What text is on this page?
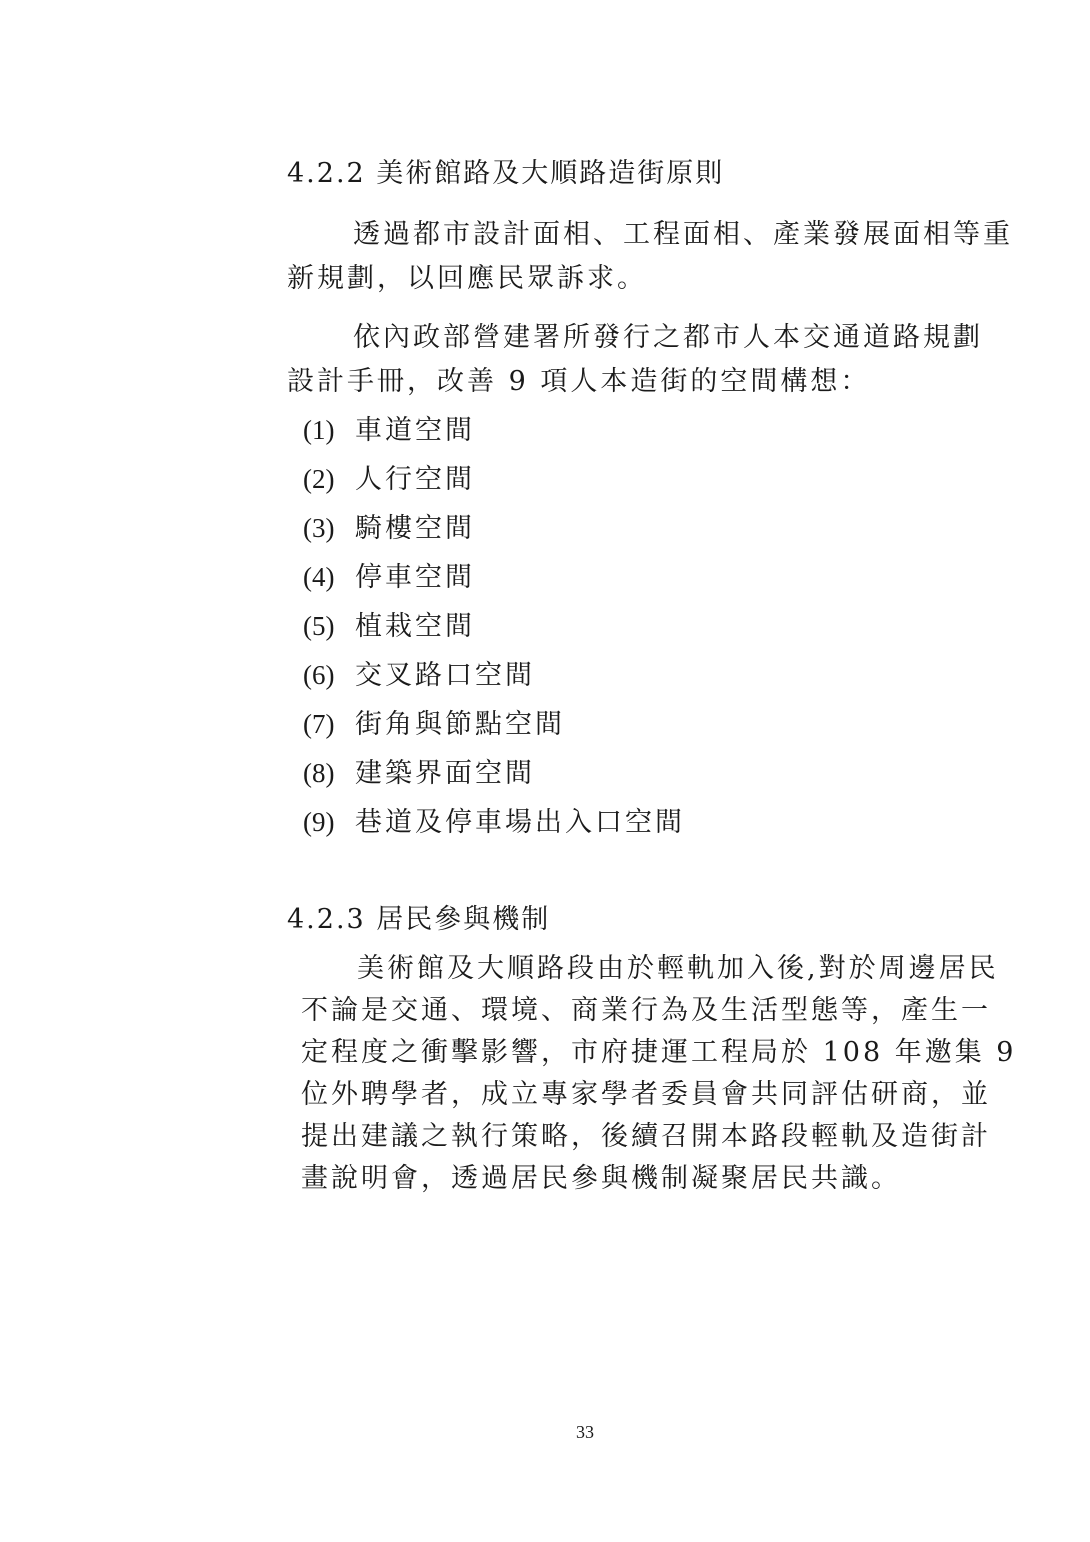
4.2.2 美術館路及大順路造街原則
透過都市設計面相、工程面相、產業發展面相等重
新規劃，以回應民眾訴求。
依內政部營建署所發行之都市人本交通道路規劃
設計手冊，改善 9 項人本造街的空間構想：
(1) 車道空間
(2) 人行空間
(3) 騎樓空間
(4) 停車空間
(5) 植栽空間
(6) 交叉路口空間
(7) 街角與節點空間
(8) 建築界面空間
(9) 巷道及停車場出入口空間
4.2.3 居民參與機制
美術館及大順路段由於輕軌加入後,對於周邊居民
不論是交通、環境、商業行為及生活型態等，產生一
定程度之衝擊影響，市府捷運工程局於 108 年邀集 9
位外聘學者，成立專家學者委員會共同評估研商，並
提出建議之執行策略，後續召開本路段輕軌及造街計
畫說明會，透過居民參與機制凝聚居民共識。
33
